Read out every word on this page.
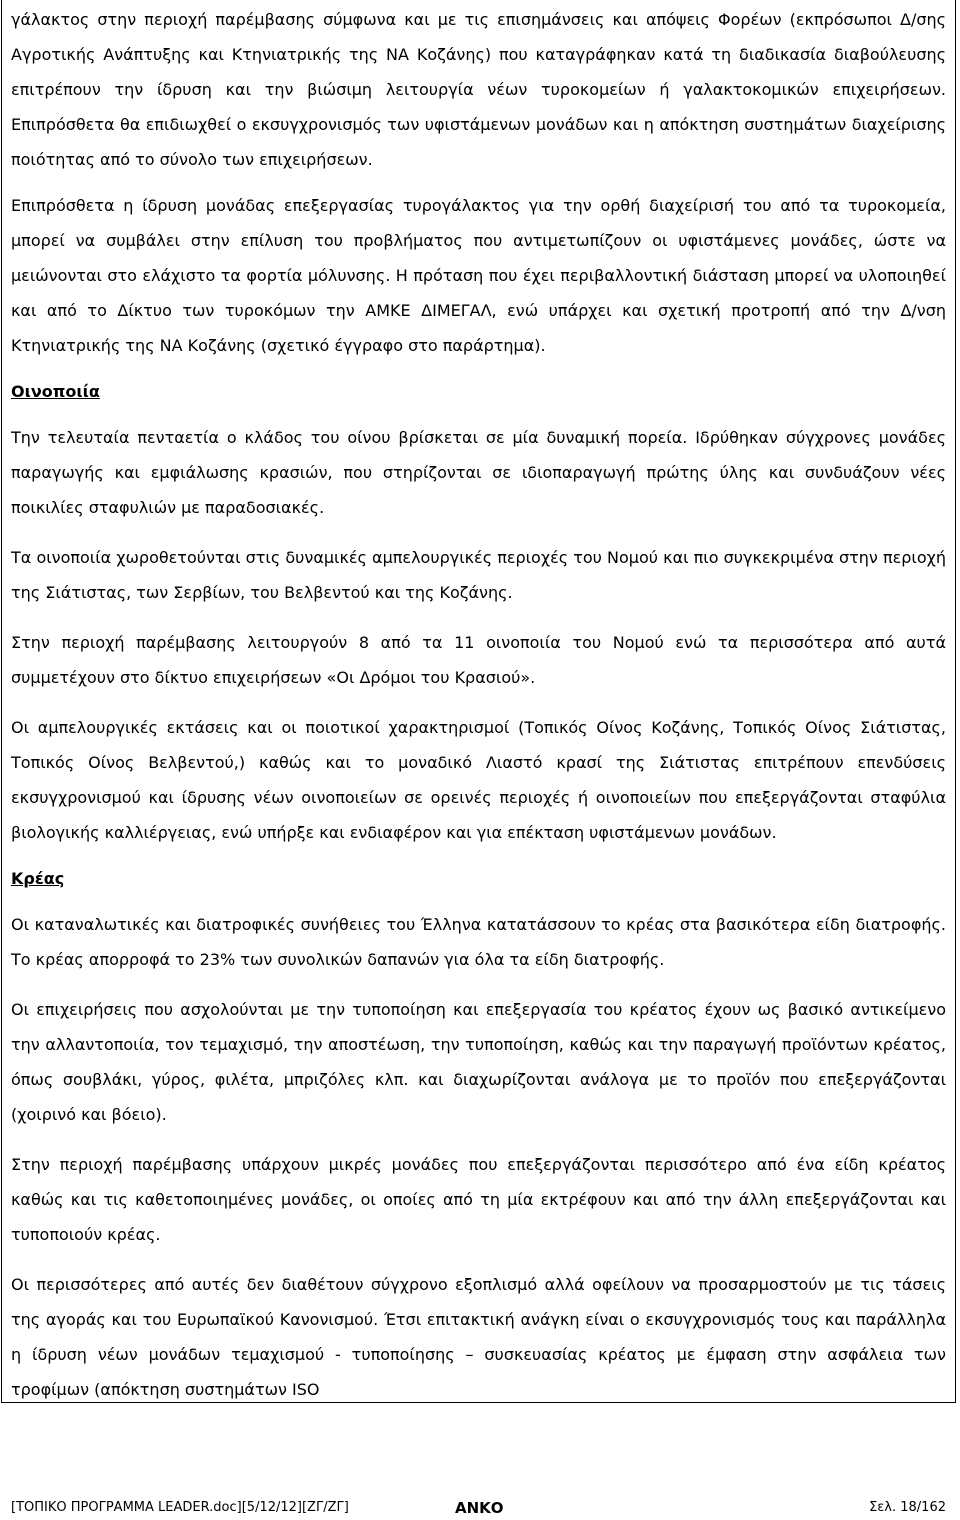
γάλακτος στην περιοχή παρέμβασης σύμφωνα και με τις επισημάνσεις και απόψεις Φορέων (εκπρόσωποι Δ/σης Αγροτικής Ανάπτυξης και Κτηνιατρικής της ΝΑ Κοζάνης) που καταγράφηκαν κατά τη διαδικασία διαβούλευσης επιτρέπουν την ίδρυση και την βιώσιμη λειτουργία νέων τυροκομείων ή γαλακτοκομικών επιχειρήσεων. Επιπρόσθετα θα επιδιωχθεί ο εκσυγχρονισμός των υφιστάμενων μονάδων και η απόκτηση συστημάτων διαχείρισης ποιότητας από το σύνολο των επιχειρήσεων.

Επιπρόσθετα η ίδρυση μονάδας επεξεργασίας τυρογάλακτος για την ορθή διαχείρισή του από τα τυροκομεία, μπορεί να συμβάλει στην επίλυση του προβλήματος που αντιμετωπίζουν οι υφιστάμενες μονάδες, ώστε να μειώνονται στο ελάχιστο τα φορτία μόλυνσης. Η πρόταση που έχει περιβαλλοντική διάσταση μπορεί να υλοποιηθεί και από το Δίκτυο των τυροκόμων την ΑΜΚΕ ΔΙΜΕΓΑΛ, ενώ υπάρχει και σχετική προτροπή από την Δ/νση Κτηνιατρικής της ΝΑ Κοζάνης (σχετικό έγγραφο στο παράρτημα).

Οινοποιία

Την τελευταία πενταετία ο κλάδος του οίνου βρίσκεται σε μία δυναμική πορεία. Ιδρύθηκαν σύγχρονες μονάδες παραγωγής και εμφιάλωσης κρασιών, που στηρίζονται σε ιδιοπαραγωγή πρώτης ύλης και συνδυάζουν νέες ποικιλίες σταφυλιών με παραδοσιακές.

Τα οινοποιία χωροθετούνται στις δυναμικές αμπελουργικές περιοχές του Νομού και πιο συγκεκριμένα στην περιοχή της Σιάτιστας, των Σερβίων, του Βελβεντού και της Κοζάνης.

Στην περιοχή παρέμβασης λειτουργούν 8 από τα 11 οινοποιία του Νομού ενώ τα περισσότερα από αυτά συμμετέχουν στο δίκτυο επιχειρήσεων «Οι Δρόμοι του Κρασιού».

Οι αμπελουργικές εκτάσεις και οι ποιοτικοί χαρακτηρισμοί (Τοπικός Οίνος Κοζάνης, Τοπικός Οίνος Σιάτιστας, Τοπικός Οίνος Βελβεντού,) καθώς και το μοναδικό Λιαστό κρασί της Σιάτιστας επιτρέπουν επενδύσεις εκσυγχρονισμού και ίδρυσης νέων οινοποιείων σε ορεινές περιοχές ή οινοποιείων που επεξεργάζονται σταφύλια βιολογικής καλλιέργειας, ενώ υπήρξε και ενδιαφέρον και για επέκταση υφιστάμενων μονάδων.

Κρέας

Οι καταναλωτικές και διατροφικές συνήθειες του Έλληνα κατατάσσουν το κρέας στα βασικότερα είδη διατροφής. Το κρέας απορροφά το 23% των συνολικών δαπανών για όλα τα είδη διατροφής.

Οι επιχειρήσεις που ασχολούνται με την τυποποίηση και επεξεργασία του κρέατος έχουν ως βασικό αντικείμενο την αλλαντοποιία, τον τεμαχισμό, την αποστέωση, την τυποποίηση, καθώς και την παραγωγή προϊόντων κρέατος, όπως σουβλάκι, γύρος, φιλέτα, μπριζόλες κλπ. και διαχωρίζονται ανάλογα με το προϊόν που επεξεργάζονται (χοιρινό και βόειο).

Στην περιοχή παρέμβασης υπάρχουν μικρές μονάδες που επεξεργάζονται περισσότερο από ένα είδη κρέατος καθώς και τις καθετοποιημένες μονάδες, οι οποίες από τη μία εκτρέφουν και από την άλλη επεξεργάζονται και τυποποιούν κρέας.

Οι περισσότερες από αυτές δεν διαθέτουν σύγχρονο εξοπλισμό αλλά οφείλουν να προσαρμοστούν με τις τάσεις της αγοράς και του Ευρωπαϊκού Κανονισμού. Έτσι επιτακτική ανάγκη είναι ο εκσυγχρονισμός τους και παράλληλα η ίδρυση νέων μονάδων τεμαχισμού - τυποποίησης – συσκευασίας κρέατος με έμφαση στην ασφάλεια των τροφίμων (απόκτηση συστημάτων ISO

[ΤΟΠΙΚΟ ΠΡΟΓΡΑΜΜΑ LEADER.doc][5/12/12][ΖΓ/ΖΓ]	ΑΝΚΟ	Σελ. 18/162
